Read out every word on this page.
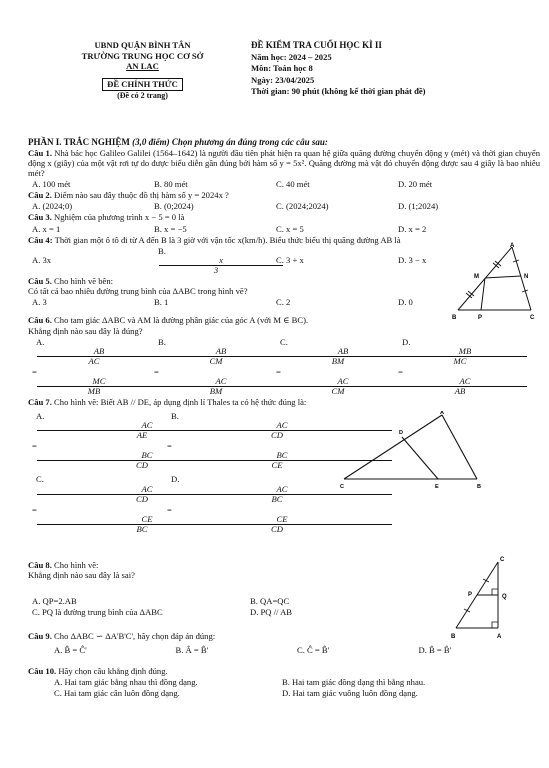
UBND QUẬN BÌNH TÂN
TRƯỜNG TRUNG HỌC CƠ SỞ
AN LẠC
ĐỀ CHÍNH THỨC
(Đề có 2 trang)
ĐỀ KIỂM TRA CUỐI HỌC KÌ II
Năm học: 2024 – 2025
Môn: Toán học 8
Ngày: 23/04/2025
Thời gian: 90 phút (không kể thời gian phát đề)

PHẦN I. TRẮC NGHIỆM (3,0 điểm) Chọn phương án đúng trong các câu sau:

Câu 1. Nhà bác học Galileo Galilei (1564–1642) là người đầu tiên phát hiện ra quan hệ giữa quãng đường chuyển động y (mét) và thời gian chuyển động x (giây) của một vật rơi tự do được biểu diễn gần đúng bởi hàm số y = 5x². Quãng đường mà vật đó chuyển động được sau 4 giây là bao nhiêu mét?

A. 100 mét	B. 80 mét	C. 40 mét	D. 20 mét

Câu 2. Điểm nào sau đây thuộc đồ thị hàm số y = 2024x ?

A. (2024;0)	B. (0;2024)	C. (2024;2024)	D. (1;2024)

Câu 3. Nghiệm của phương trình x − 5 = 0 là

A. x = 1	B. x = −5	C. x = 5	D. x = 2

Câu 4: Thời gian một ô tô đi từ A đến B là 3 giờ với vận tốc x(km/h). Biểu thức biểu thị quãng đường AB là

A. 3x
B.
$\frac{x}{3}$
C. 3 + x	D. 3 − x

Câu 5. Cho hình vẽ bên:

Có tất cả bao nhiêu đường trung bình của ΔABC trong hình vẽ?

A. 3	B. 1	C. 2	D. 0
A
M	N
B	P	C

Câu 6. Cho tam giác ΔABC và AM là đường phân giác của góc A (với M ∈ BC).

Khẳng định nào sau đây là đúng?

A.
$\frac{AB}{AC}$
=
$\frac{MC}{MB}$
B.
$\frac{AB}{CM}$
=
$\frac{AC}{BM}$
C.
$\frac{AB}{BM}$
=
$\frac{AC}{CM}$
D.
$\frac{MB}{MC}$
=
$\frac{AC}{AB}$

Câu 7. Cho hình vẽ: Biết AB // DE, áp dụng định lí Thales ta có hệ thức đúng là:

A.
$\frac{AC}{AE}$
=
$\frac{BC}{CD}$
B.
$\frac{AC}{CD}$
=
$\frac{BC}{CE}$
C.
$\frac{AC}{CD}$
=
$\frac{CE}{BC}$
D.
$\frac{AC}{BC}$
=
$\frac{CE}{CD}$
A
D
C	E	B

Câu 8. Cho hình vẽ:

Khẳng định nào sau đây là sai?

A. QP=2.AB	B. QA=QC
C. PQ là đường trung bình của ΔABC	D. PQ // AB
C
P	Q
B	A

Câu 9. Cho ΔABC ∽ ΔA'B'C', hãy chọn đáp án đúng:

A. B̂ = Ĉ'	B. Â = B̂'	C. Ĉ = B̂'	D. B̂ = B̂'

Câu 10. Hãy chọn câu khẳng định đúng.

A. Hai tam giác bằng nhau thì đồng dạng.	B. Hai tam giác đồng dạng thì bằng nhau.
C. Hai tam giác cân luôn đồng dạng.	D. Hai tam giác vuông luôn đồng dạng.
